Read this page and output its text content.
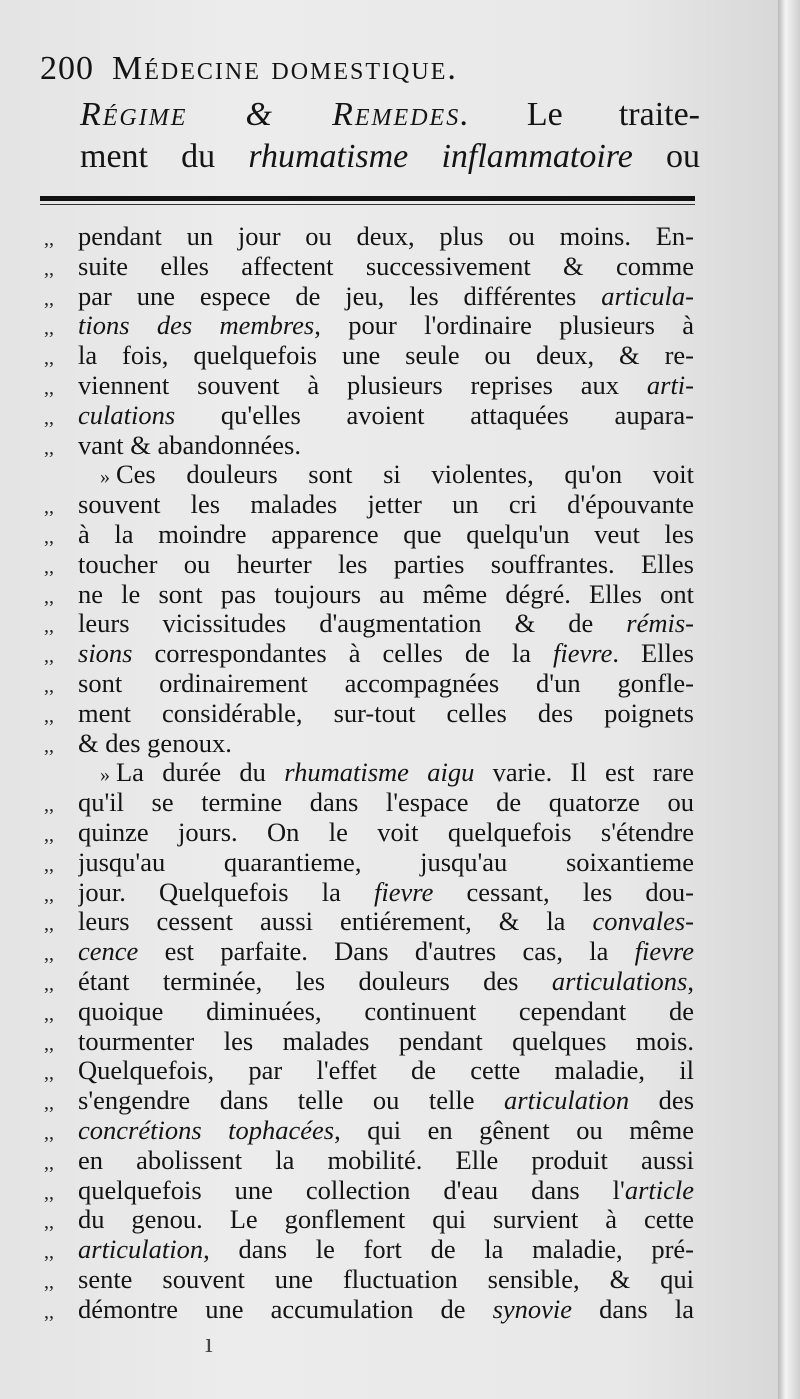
200 Médecine domestique.
Régime & Remedes. Le traite-
ment du rhumatisme inflammatoire ou
,, pendant un jour ou deux, plus ou moins. En-
,, suite elles affectent successivement & comme
,, par une espece de jeu, les différentes articula-
,, tions des membres, pour l'ordinaire plusieurs à
,, la fois, quelquefois une seule ou deux, & re-
,, viennent souvent à plusieurs reprises aux arti-
,, culations qu'elles avoient attaquées aupara-
,, vant & abandonnées.
» Ces douleurs sont si violentes, qu'on voit
,, souvent les malades jetter un cri d'épouvante
,, à la moindre apparence que quelqu'un veut les
,, toucher ou heurter les parties souffrantes. Elles
,, ne le sont pas toujours au même dégré. Elles ont
,, leurs vicissitudes d'augmentation & de rémis-
,, sions correspondantes à celles de la fievre. Elles
,, sont ordinairement accompagnées d'un gonfle-
,, ment considérable, sur-tout celles des poignets
,, & des genoux.
» La durée du rhumatisme aigu varie. Il est rare
,, qu'il se termine dans l'espace de quatorze ou
,, quinze jours. On le voit quelquefois s'étendre
,, jusqu'au quarantieme, jusqu'au soixantieme
,, jour. Quelquefois la fievre cessant, les dou-
,, leurs cessent aussi entiérement, & la convales-
,, cence est parfaite. Dans d'autres cas, la fievre
,, étant terminée, les douleurs des articulations,
,, quoique diminuées, continuent cependant de
,, tourmenter les malades pendant quelques mois.
,, Quelquefois, par l'effet de cette maladie, il
,, s'engendre dans telle ou telle articulation des
,, concrétions tophacées, qui en gênent ou même
,, en abolissent la mobilité. Elle produit aussi
,, quelquefois une collection d'eau dans l'article
,, du genou. Le gonflement qui survient à cette
,, articulation, dans le fort de la maladie, pré-
,, sente souvent une fluctuation sensible, & qui
,, démontre une accumulation de synovie dans la
ı
